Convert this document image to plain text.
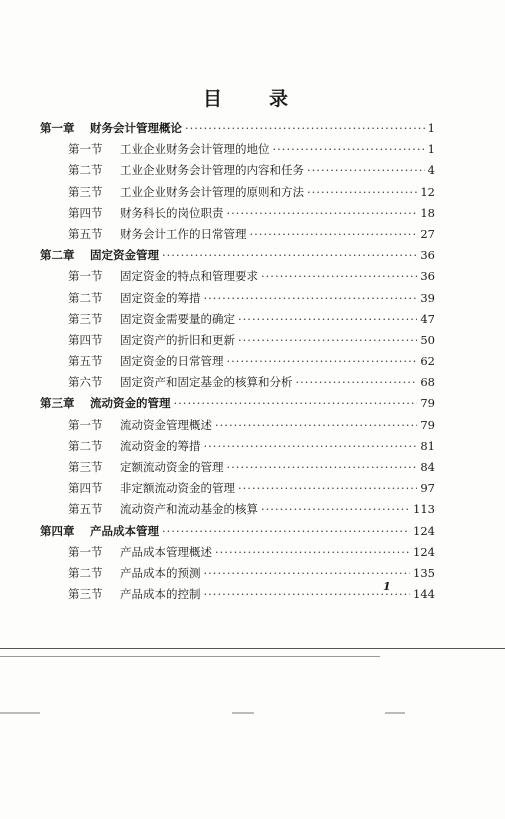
目　录
第一章	财务会计管理概论 ·····	1
第一节	工业企业财务会计管理的地位 ·····	1
第二节	工业企业财务会计管理的内容和任务 ·····	4
第三节	工业企业财务会计管理的原则和方法 ·····	12
第四节	财务科长的岗位职责 ·····	18
第五节	财务会计工作的日常管理 ·····	27
第二章	固定资金管理 ·····	36
第一节	固定资金的特点和管理要求 ·····	36
第二节	固定资金的筹措 ·····	39
第三节	固定资金需要量的确定 ·····	47
第四节	固定资产的折旧和更新 ·····	50
第五节	固定资金的日常管理 ·····	62
第六节	固定资产和固定基金的核算和分析 ·····	68
第三章	流动资金的管理 ·····	79
第一节	流动资金管理概述 ·····	79
第二节	流动资金的筹措 ·····	81
第三节	定额流动资金的管理 ·····	84
第四节	非定额流动资金的管理 ·····	97
第五节	流动资产和流动基金的核算 ·····	113
第四章	产品成本管理 ·····	124
第一节	产品成本管理概述 ·····	124
第二节	产品成本的预测 ·····	135
第三节	产品成本的控制 ·····	144
1
